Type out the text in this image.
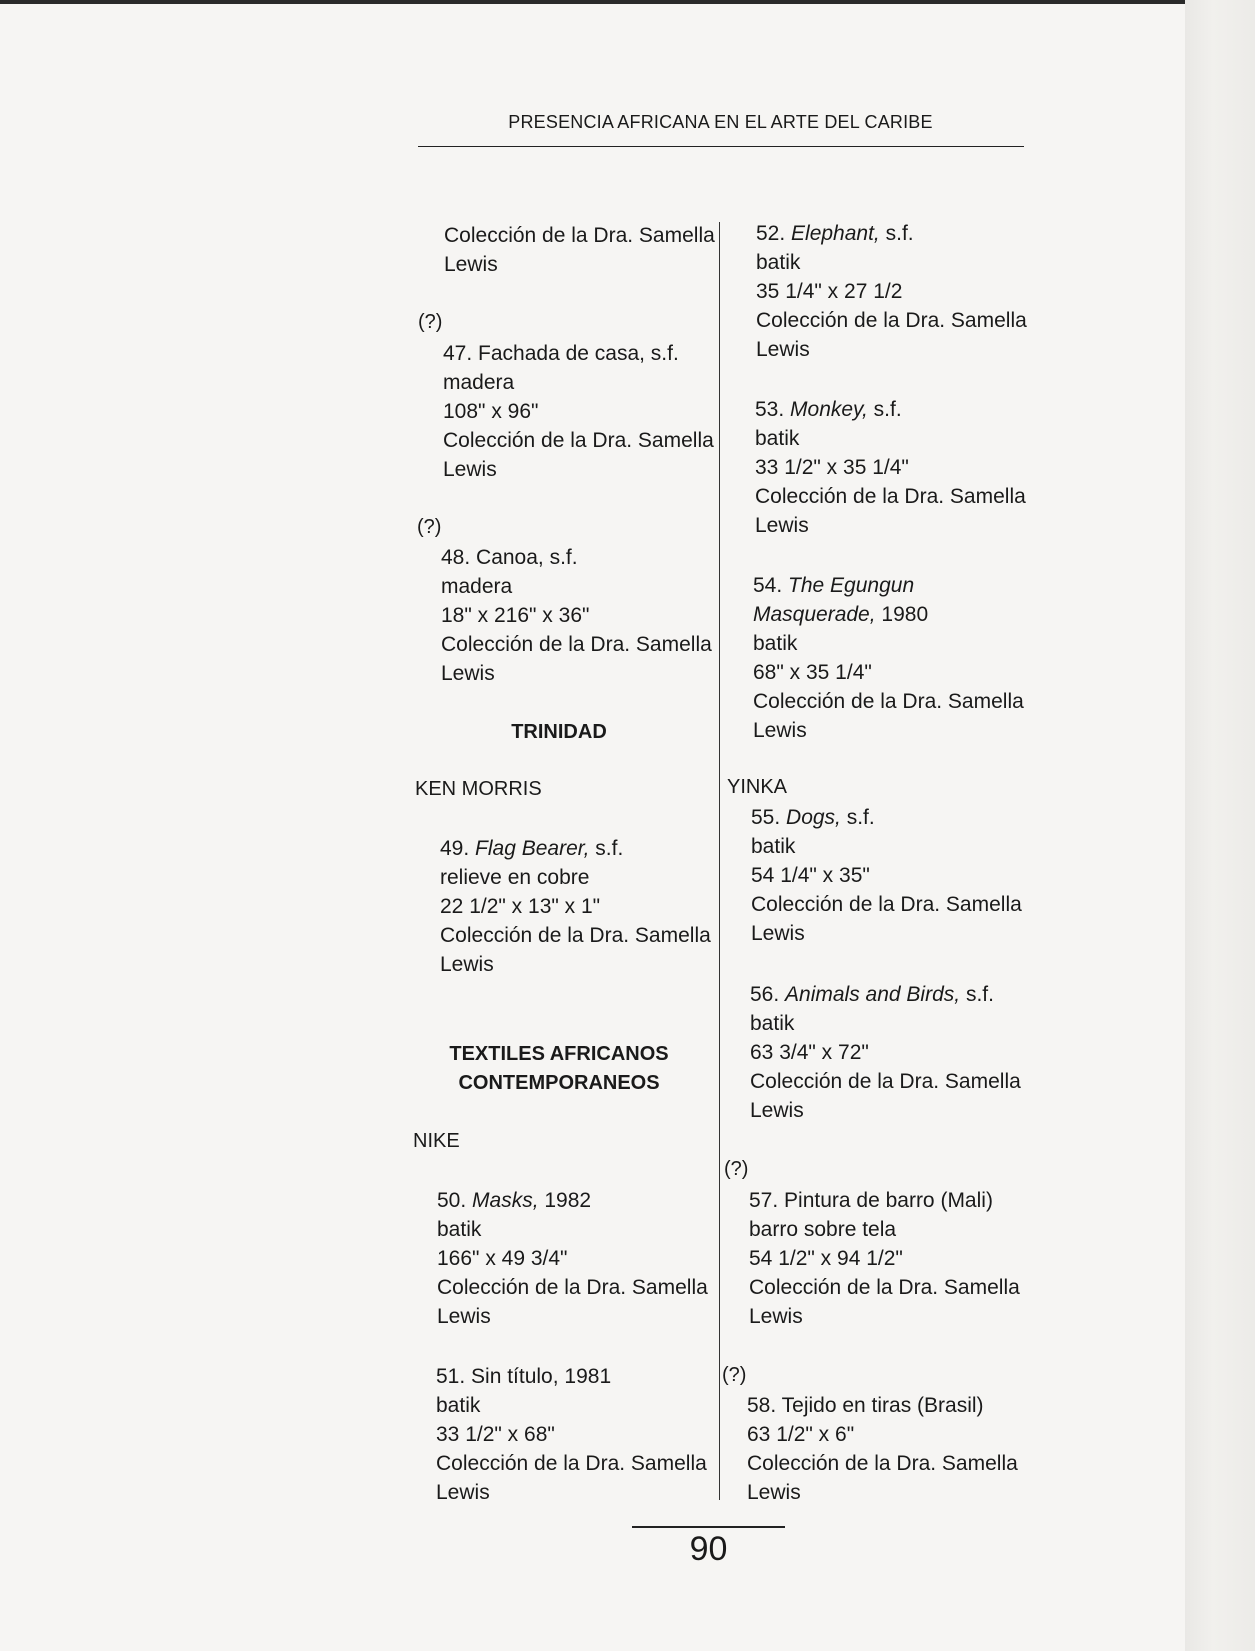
PRESENCIA AFRICANA EN EL ARTE DEL CARIBE
Colección de la Dra. Samella
Lewis
(?)
47. Fachada de casa, s.f.
madera
108" x 96"
Colección de la Dra. Samella
Lewis
(?)
48. Canoa, s.f.
madera
18" x 216" x 36"
Colección de la Dra. Samella
Lewis
TRINIDAD
KEN MORRIS
49. Flag Bearer, s.f.
relieve en cobre
22 1/2" x 13" x 1"
Colección de la Dra. Samella
Lewis
TEXTILES AFRICANOS
CONTEMPORANEOS
NIKE
50. Masks, 1982
batik
166" x 49 3/4"
Colección de la Dra. Samella
Lewis
51. Sin título, 1981
batik
33 1/2" x 68"
Colección de la Dra. Samella
Lewis
52. Elephant, s.f.
batik
35 1/4" x 27 1/2
Colección de la Dra. Samella
Lewis
53. Monkey, s.f.
batik
33 1/2" x 35 1/4"
Colección de la Dra. Samella
Lewis
54. The Egungun
Masquerade, 1980
batik
68" x 35 1/4"
Colección de la Dra. Samella
Lewis
YINKA
55. Dogs, s.f.
batik
54 1/4" x 35"
Colección de la Dra. Samella
Lewis
56. Animals and Birds, s.f.
batik
63 3/4" x 72"
Colección de la Dra. Samella
Lewis
(?)
57. Pintura de barro (Mali)
barro sobre tela
54 1/2" x 94 1/2"
Colección de la Dra. Samella
Lewis
(?)
58. Tejido en tiras (Brasil)
63 1/2" x 6"
Colección de la Dra. Samella
Lewis
90
